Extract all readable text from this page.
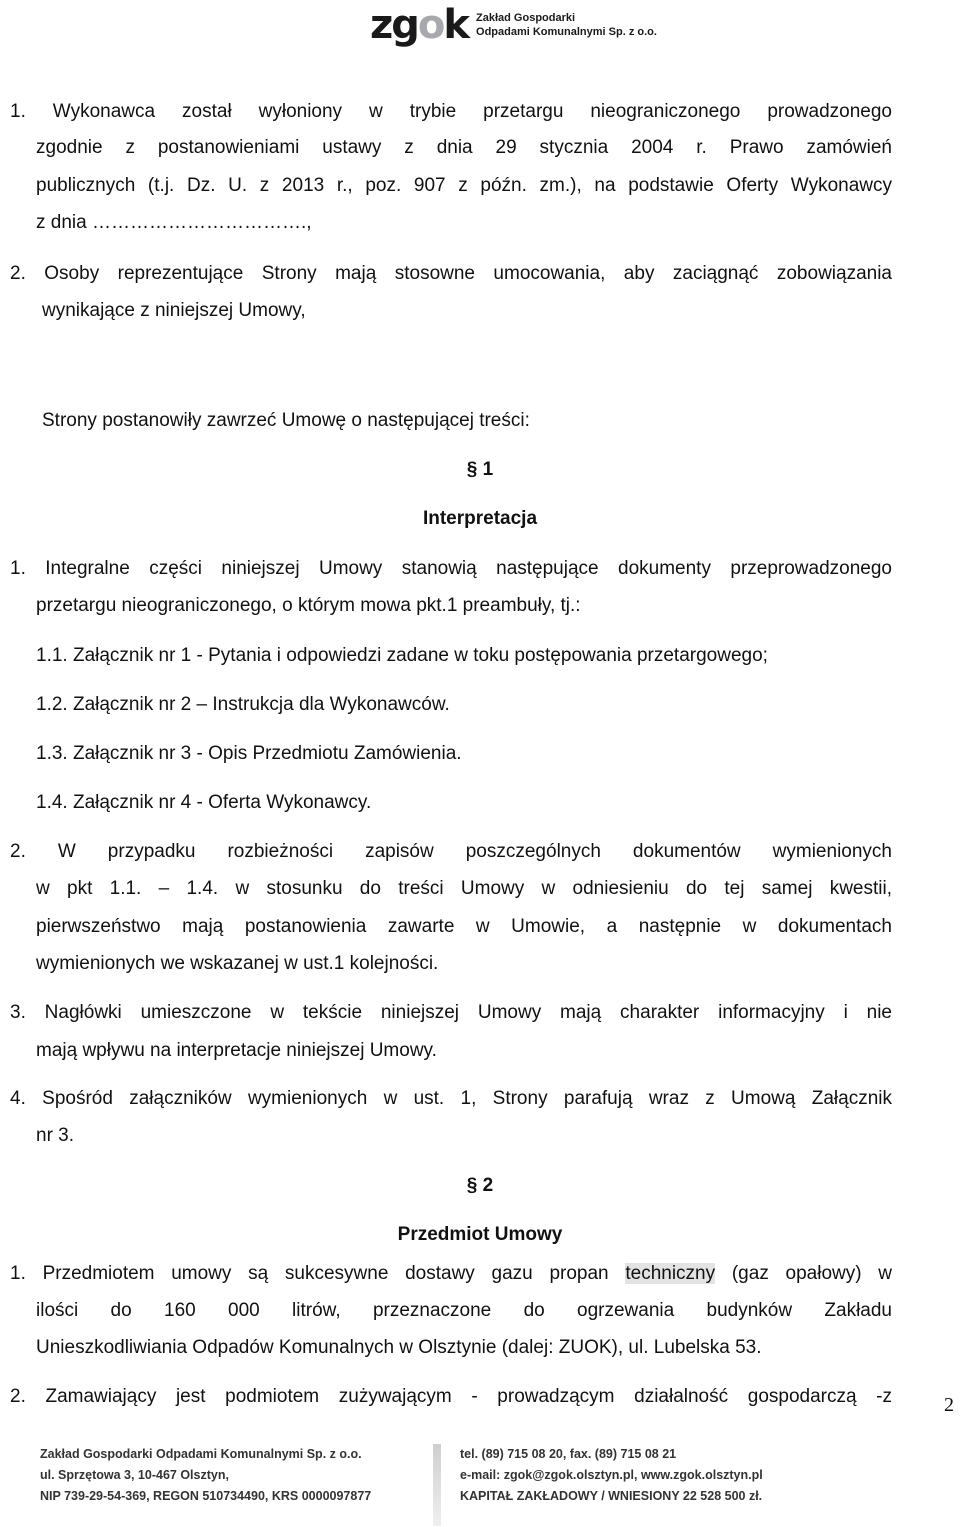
zgok Zakład Gospodarki
Odpadami Komunalnymi Sp. z o.o.
1. Wykonawca został wyłoniony w trybie przetargu nieograniczonego prowadzonego
zgodnie z postanowieniami ustawy z dnia 29 stycznia 2004 r. Prawo zamówień
publicznych (t.j. Dz. U. z 2013 r., poz. 907 z późn. zm.), na podstawie Oferty Wykonawcy
z dnia …………………………….,
2. Osoby reprezentujące Strony mają stosowne umocowania, aby zaciągnąć zobowiązania
wynikające z niniejszej Umowy,
Strony postanowiły zawrzeć Umowę o następującej treści:
§ 1
Interpretacja
1. Integralne części niniejszej Umowy stanowią następujące dokumenty przeprowadzonego
przetargu nieograniczonego, o którym mowa pkt.1 preambuły, tj.:
1.1. Załącznik nr 1 - Pytania i odpowiedzi zadane w toku postępowania przetargowego;
1.2. Załącznik nr 2 – Instrukcja dla Wykonawców.
1.3. Załącznik nr 3 - Opis Przedmiotu Zamówienia.
1.4. Załącznik nr 4 - Oferta Wykonawcy.
2. W przypadku rozbieżności zapisów poszczególnych dokumentów wymienionych
w pkt 1.1. – 1.4. w stosunku do treści Umowy w odniesieniu do tej samej kwestii,
pierwszeństwo mają postanowienia zawarte w Umowie, a następnie w dokumentach
wymienionych we wskazanej w ust.1 kolejności.
3. Nagłówki umieszczone w tekście niniejszej Umowy mają charakter informacyjny i nie
mają wpływu na interpretacje niniejszej Umowy.
4. Spośród załączników wymienionych w ust. 1, Strony parafują wraz z Umową Załącznik
nr 3.
§ 2
Przedmiot Umowy
1. Przedmiotem umowy są sukcesywne dostawy gazu propan techniczny (gaz opałowy) w
ilości do 160 000 litrów, przeznaczone do ogrzewania budynków Zakładu
Unieszkodliwiania Odpadów Komunalnych w Olsztynie (dalej: ZUOK), ul. Lubelska 53.
2. Zamawiający jest podmiotem zużywającym - prowadzącym działalność gospodarczą -z	2
Zakład Gospodarki Odpadami Komunalnymi Sp. z o.o.
ul. Sprzętowa 3, 10-467 Olsztyn,
NIP 739-29-54-369, REGON 510734490, KRS 0000097877
tel. (89) 715 08 20, fax. (89) 715 08 21
e-mail: zgok@zgok.olsztyn.pl, www.zgok.olsztyn.pl
KAPITAŁ ZAKŁADOWY / WNIESIONY 22 528 500 zł.
